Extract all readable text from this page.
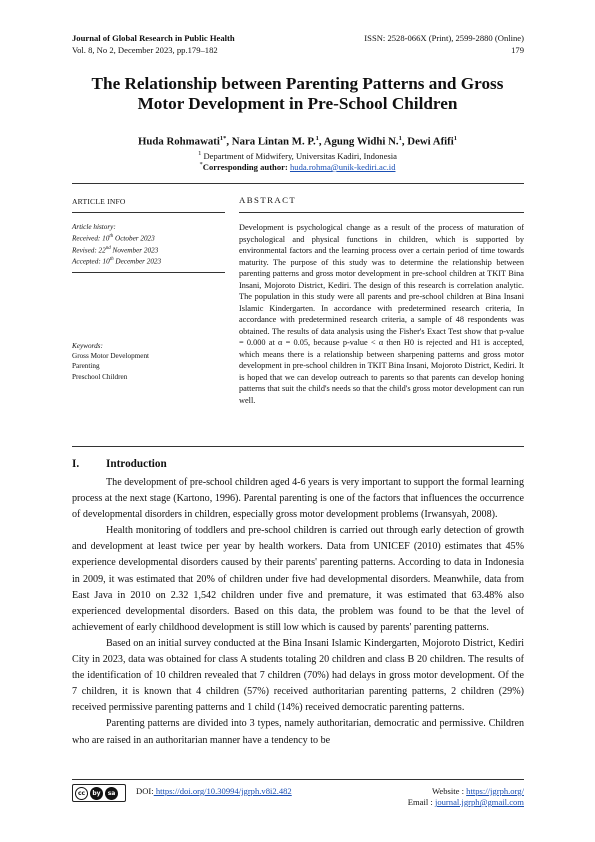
Journal of Global Research in Public Health
Vol. 8, No 2, December 2023, pp.179–182
ISSN: 2528-066X (Print), 2599-2880 (Online)
179
The Relationship between Parenting Patterns and Gross
Motor Development in Pre-School Children
Huda Rohmawati$^{1*}$, Nara Lintan M. P.$^1$, Agung Widhi N.$^1$, Dewi Afifi$^1$
$^1$ Department of Midwifery, Universitas Kadiri, Indonesia
*Corresponding author: huda.rohma@unik-kediri.ac.id
ARTICLE INFO	ABSTRACT
Article history:
Received: 10th October 2023
Revised: 22nd November 2023
Accepted: 10th December 2023
Keywords:
Gross Motor Development
Parenting
Preschool Children
Development is psychological change as a result of the process of maturation of psychological and physical functions in children, which is supported by environmental factors and the learning process over a certain period of time towards maturity. The purpose of this study was to determine the relationship between parenting patterns and gross motor development in pre-school children at TKIT Bina Insani, Mojoroto District, Kediri. The design of this research is correlation analytic. The population in this study were all parents and pre-school children at Bina Insani Islamic Kindergarten. In accordance with predetermined research criteria, In accordance with predetermined research criteria, a sample of 48 respondents was obtained. The results of data analysis using the Fisher's Exact Test show that p-value = 0.000 at α = 0.05, because p-value < α then H0 is rejected and H1 is accepted, which means there is a relationship between sharpening patterns and gross motor development in pre-school children in TKIT Bina Insani, Mojoroto District, Kediri. It is hoped that we can develop outreach to parents so that parents can develop honing patterns that suit the child's needs so that the child's gross motor development can run well.
I. Introduction

The development of pre-school children aged 4-6 years is very important to support the formal learning process at the next stage (Kartono, 1996). Parental parenting is one of the factors that influences the occurrence of developmental disorders in children, especially gross motor development problems (Irwansyah, 2008).

Health monitoring of toddlers and pre-school children is carried out through early detection of growth and development at least twice per year by health workers. Data from UNICEF (2010) estimates that 45% experience developmental disorders caused by their parents' parenting patterns. According to data in Indonesia in 2009, it was estimated that 20% of children under five had developmental disorders. Meanwhile, data from East Java in 2010 on 2.32 1,542 children under five and premature, it was estimated that 63.48% also experienced developmental disorders. Based on this data, the problem was found to be that the level of achievement of early childhood development is still low which is caused by parents' parenting patterns.

Based on an initial survey conducted at the Bina Insani Islamic Kindergarten, Mojoroto District, Kediri City in 2023, data was obtained for class A students totaling 20 children and class B 20 children. The results of the identification of 10 children revealed that 7 children (70%) had delays in gross motor development. Of the 7 children, it is known that 4 children (57%) received authoritarian parenting patterns, 2 children (29%) received permissive parenting patterns and 1 child (14%) received democratic parenting patterns.

Parenting patterns are divided into 3 types, namely authoritarian, democratic and permissive. Children who are raised in an authoritarian manner have a tendency to be

cc	by	sa	DOI: https://doi.org/10.30994/jgrph.v8i2.482	Website : https://jgrph.org/
Email : journal.jgrph@gmail.com
